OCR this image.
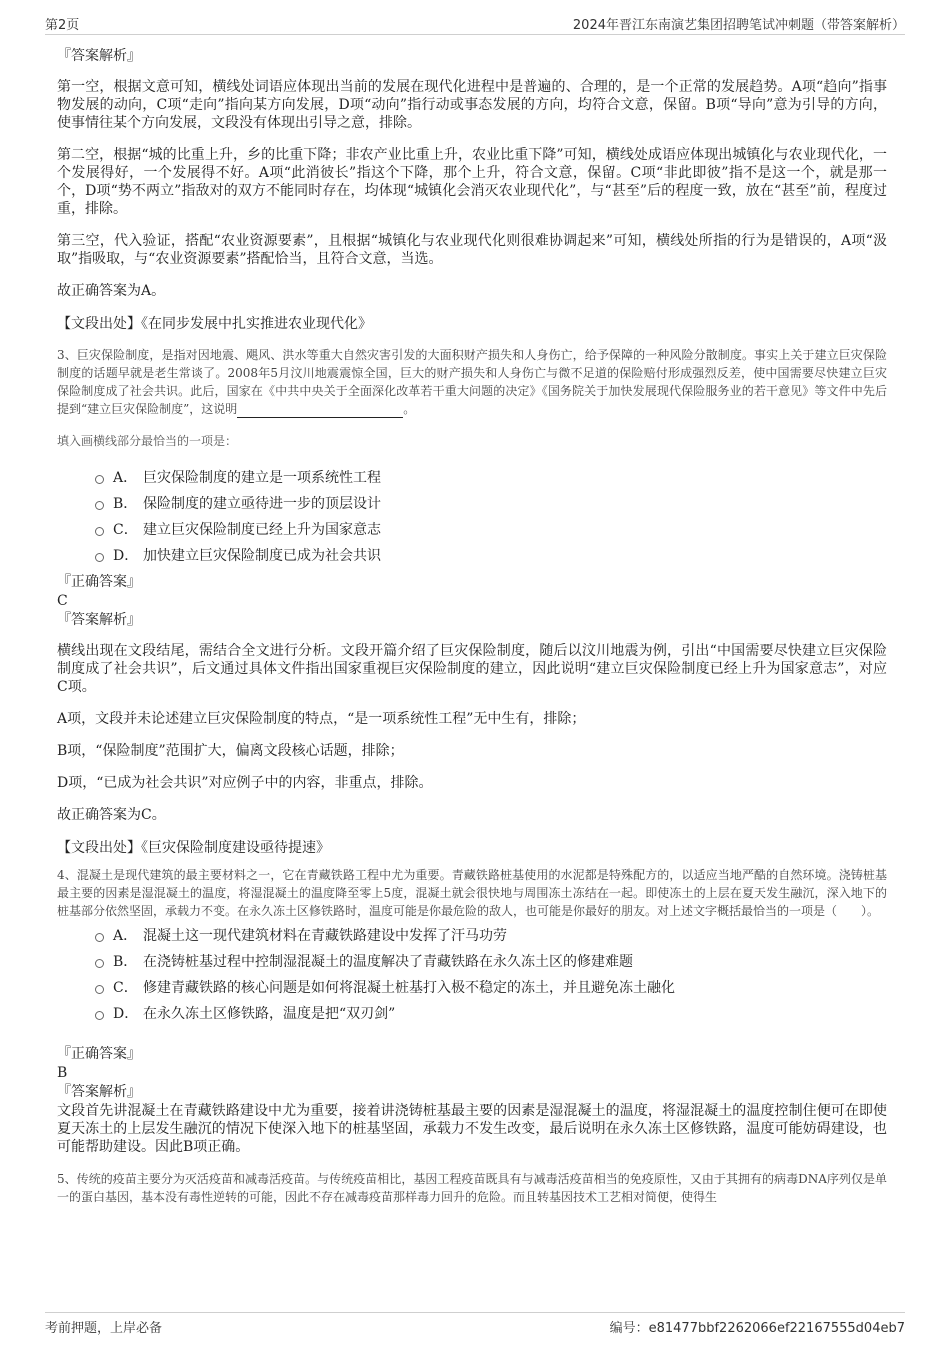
第2页	2024年晋江东南演艺集团招聘笔试冲刺题（带答案解析）
『答案解析』

第一空，根据文意可知，横线处词语应体现出当前的发展在现代化进程中是普遍的、合理的，是一个正常的发展趋势。A项“趋向”指事物发展的动向，C项“走向”指向某方向发展，D项“动向”指行动或事态发展的方向，均符合文意，保留。B项“导向”意为引导的方向，使事情往某个方向发展，文段没有体现出引导之意，排除。

第二空，根据“城的比重上升，乡的比重下降；非农产业比重上升，农业比重下降”可知，横线处成语应体现出城镇化与农业现代化，一个发展得好，一个发展得不好。A项“此消彼长”指这个下降，那个上升，符合文意，保留。C项“非此即彼”指不是这一个，就是那一个，D项“势不两立”指敌对的双方不能同时存在，均体现“城镇化会消灭农业现代化”，与“甚至”后的程度一致，放在“甚至”前，程度过重，排除。

第三空，代入验证，搭配“农业资源要素”，且根据“城镇化与农业现代化则很难协调起来”可知，横线处所指的行为是错误的，A项“汲取”指吸取，与“农业资源要素”搭配恰当，且符合文意，当选。

故正确答案为A。

【文段出处】《在同步发展中扎实推进农业现代化》
3、巨灾保险制度，是指对因地震、飓风、洪水等重大自然灾害引发的大面积财产损失和人身伤亡，给予保障的一种风险分散制度。事实上关于建立巨灾保险制度的话题早就是老生常谈了。2008年5月汶川地震震惊全国，巨大的财产损失和人身伤亡与微不足道的保险赔付形成强烈反差，使中国需要尽快建立巨灾保险制度成了社会共识。此后，国家在《中共中央关于全面深化改革若干重大问题的决定》《国务院关于加快发展现代保险服务业的若干意见》等文件中先后提到“建立巨灾保险制度”，这说明	。
填入画横线部分最恰当的一项是：
A． 巨灾保险制度的建立是一项系统性工程
B． 保险制度的建立亟待进一步的顶层设计
C． 建立巨灾保险制度已经上升为国家意志
D． 加快建立巨灾保险制度已成为社会共识
『正确答案』
C
『答案解析』

横线出现在文段结尾，需结合全文进行分析。文段开篇介绍了巨灾保险制度，随后以汶川地震为例，引出“中国需要尽快建立巨灾保险制度成了社会共识”，后文通过具体文件指出国家重视巨灾保险制度的建立，因此说明“建立巨灾保险制度已经上升为国家意志”，对应C项。

A项，文段并未论述建立巨灾保险制度的特点，“是一项系统性工程”无中生有，排除；

B项，“保险制度”范围扩大，偏离文段核心话题，排除；

D项，“已成为社会共识”对应例子中的内容，非重点，排除。

故正确答案为C。

【文段出处】《巨灾保险制度建设亟待提速》
4、混凝土是现代建筑的最主要材料之一，它在青藏铁路工程中尤为重要。青藏铁路桩基使用的水泥都是特殊配方的，以适应当地严酷的自然环境。浇铸桩基最主要的因素是湿混凝土的温度，将湿混凝土的温度降至零上5度，混凝土就会很快地与周围冻土冻结在一起。即使冻土的上层在夏天发生融沉，深入地下的桩基部分依然坚固，承载力不变。在永久冻土区修铁路时，温度可能是你最危险的敌人，也可能是你最好的朋友。对上述文字概括最恰当的一项是（　　）。
A． 混凝土这一现代建筑材料在青藏铁路建设中发挥了汗马功劳
B． 在浇铸桩基过程中控制湿混凝土的温度解决了青藏铁路在永久冻土区的修建难题
C． 修建青藏铁路的核心问题是如何将混凝土桩基打入极不稳定的冻土，并且避免冻土融化
D． 在永久冻土区修铁路，温度是把“双刃剑”
『正确答案』
B
『答案解析』

文段首先讲混凝土在青藏铁路建设中尤为重要，接着讲浇铸桩基最主要的因素是湿混凝土的温度，将湿混凝土的温度控制住便可在即使夏天冻土的上层发生融沉的情况下使深入地下的桩基坚固，承载力不发生改变，最后说明在永久冻土区修铁路，温度可能妨碍建设，也可能帮助建设。因此B项正确。

5、传统的疫苗主要分为灭活疫苗和减毒活疫苗。与传统疫苗相比，基因工程疫苗既具有与减毒活疫苗相当的免疫原性，又由于其拥有的病毒DNA序列仅是单一的蛋白基因，基本没有毒性逆转的可能，因此不存在减毒疫苗那样毒力回升的危险。而且转基因技术工艺相对简便，使得生
考前押题，上岸必备	编号：e81477bbf2262066ef22167555d04eb7
